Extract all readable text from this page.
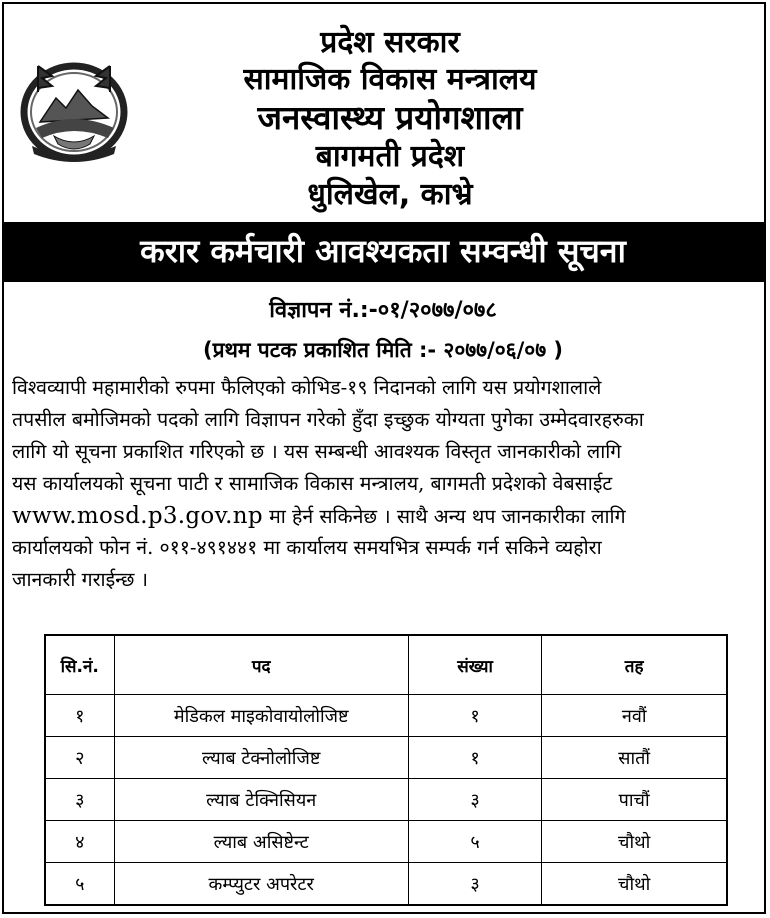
प्रदेश सरकार
सामाजिक विकास मन्त्रालय
जनस्वास्थ्य प्रयोगशाला
बागमती प्रदेश
धुलिखेल, काभ्रे
करार कर्मचारी आवश्यकता सम्वन्धी सूचना
विज्ञापन नं.:-०१/२०७७/०७८
(प्रथम पटक प्रकाशित मिति :- २०७७/०६/०७ )
विश्वव्यापी महामारीको रुपमा फैलिएको कोभिड-१९ निदानको लागि यस प्रयोगशालाले
तपसील बमोजिमको पदको लागि विज्ञापन गरेको हुँदा इच्छुक योग्यता पुगेका उम्मेदवारहरुका
लागि यो सूचना प्रकाशित गरिएको छ । यस सम्बन्धी आवश्यक विस्तृत जानकारीको लागि
यस कार्यालयको सूचना पाटी र सामाजिक विकास मन्त्रालय, बागमती प्रदेशको वेबसाईट
www.mosd.p3.gov.np मा हेर्न सकिनेछ । साथै अन्य थप जानकारीका लागि
कार्यालयको फोन नं. ०११-४९१४४१ मा कार्यालय समयभित्र सम्पर्क गर्न सकिने व्यहोरा
जानकारी गराईन्छ ।
सि.नं.	पद	संख्या	तह
१	मेडिकल माइकोवायोलोजिष्ट	१	नवौं
२	ल्याब टेक्नोलोजिष्ट	१	सातौं
३	ल्याब टेक्निसियन	३	पाचौं
४	ल्याब असिष्टेन्ट	५	चौथो
५	कम्प्युटर अपरेटर	३	चौथो
